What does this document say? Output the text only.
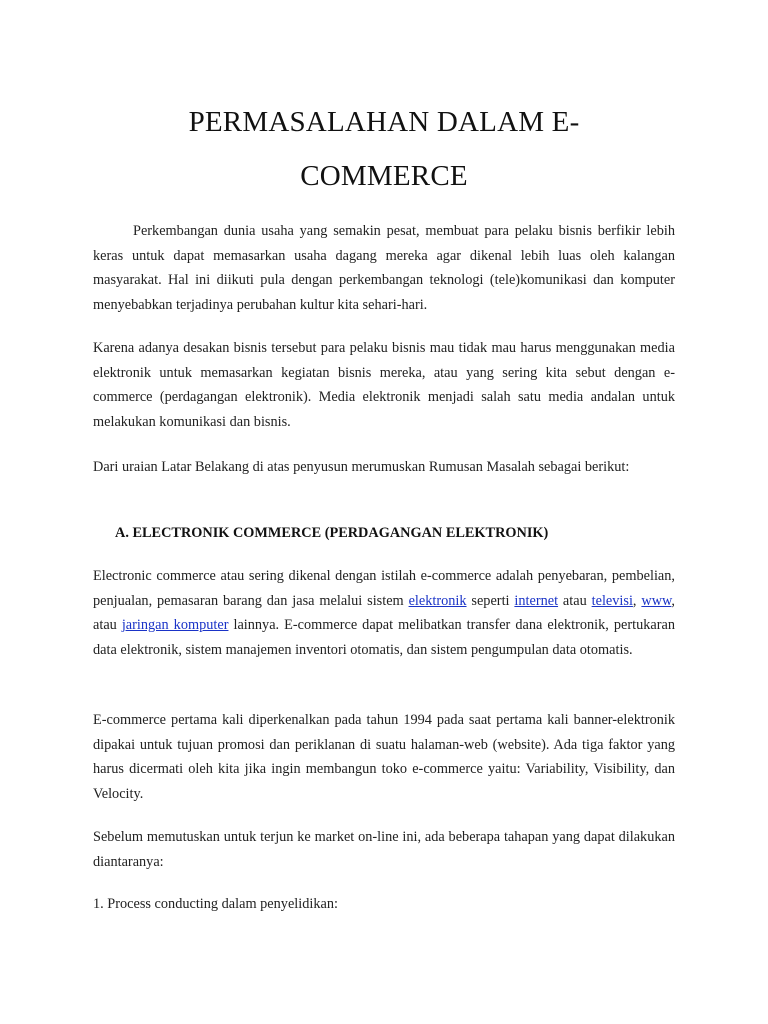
PERMASALAHAN DALAM E-
COMMERCE

Perkembangan dunia usaha yang semakin pesat, membuat para pelaku bisnis berfikir lebih keras untuk dapat memasarkan usaha dagang mereka agar dikenal lebih luas oleh kalangan masyarakat. Hal ini diikuti pula dengan perkembangan teknologi (tele)komunikasi dan komputer menyebabkan terjadinya perubahan kultur kita sehari-hari.

Karena adanya desakan bisnis tersebut para pelaku bisnis mau tidak mau harus menggunakan media elektronik untuk memasarkan kegiatan bisnis mereka, atau yang sering kita sebut dengan e-commerce (perdagangan elektronik). Media elektronik menjadi salah satu media andalan untuk melakukan komunikasi dan bisnis.

Dari uraian Latar Belakang di atas penyusun merumuskan Rumusan Masalah sebagai berikut:

A. ELECTRONIK COMMERCE (PERDAGANGAN ELEKTRONIK)

Electronic commerce atau sering dikenal dengan istilah e-commerce adalah penyebaran, pembelian, penjualan, pemasaran barang dan jasa melalui sistem elektronik seperti internet atau televisi, www, atau jaringan komputer lainnya. E-commerce dapat melibatkan transfer dana elektronik, pertukaran data elektronik, sistem manajemen inventori otomatis, dan sistem pengumpulan data otomatis.

E-commerce pertama kali diperkenalkan pada tahun 1994 pada saat pertama kali banner-elektronik dipakai untuk tujuan promosi dan periklanan di suatu halaman-web (website). Ada tiga faktor yang harus dicermati oleh kita jika ingin membangun toko e-commerce yaitu: Variability, Visibility, dan Velocity.

Sebelum memutuskan untuk terjun ke market on-line ini, ada beberapa tahapan yang dapat dilakukan diantaranya:

1. Process conducting dalam penyelidikan:
